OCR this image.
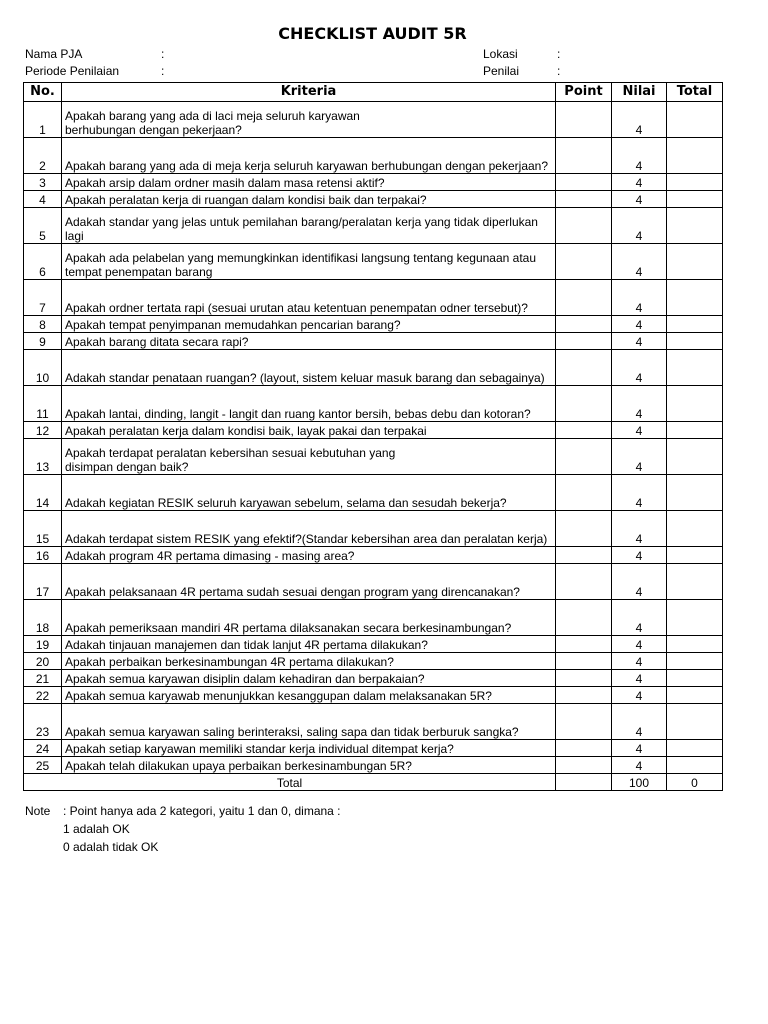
CHECKLIST AUDIT 5R
Nama PJA	:
Periode Penilaian	:
Lokasi	:
Penilai	:
No.	Kriteria	Point	Nilai	Total
1	Apakah barang yang ada di laci meja seluruh karyawan
berhubungan dengan pekerjaan?		4	
2	Apakah barang yang ada di meja kerja seluruh karyawan berhubungan dengan pekerjaan?		4	
3	Apakah arsip dalam ordner masih dalam masa retensi aktif?		4	
4	Apakah peralatan kerja di ruangan dalam kondisi baik dan terpakai?		4	
5	Adakah standar yang jelas untuk pemilahan barang/peralatan kerja yang tidak diperlukan lagi		4	
6	Apakah ada pelabelan yang memungkinkan identifikasi langsung tentang kegunaan atau tempat penempatan barang		4	
7	Apakah ordner tertata rapi (sesuai urutan atau ketentuan penempatan odner tersebut)?		4	
8	Apakah tempat penyimpanan memudahkan pencarian barang?		4	
9	Apakah barang ditata secara rapi?		4	
10	Adakah standar penataan ruangan? (layout, sistem keluar masuk barang dan sebagainya)		4	
11	Apakah lantai, dinding, langit - langit dan ruang kantor bersih, bebas debu dan kotoran?		4	
12	Apakah peralatan kerja dalam kondisi baik, layak pakai dan terpakai		4	
13	Apakah terdapat peralatan kebersihan sesuai kebutuhan yang
disimpan dengan baik?		4	
14	Adakah kegiatan RESIK seluruh karyawan sebelum, selama dan sesudah bekerja?		4	
15	Adakah terdapat sistem RESIK yang efektif?(Standar kebersihan area dan peralatan kerja)		4	
16	Adakah program 4R pertama dimasing - masing area?		4	
17	Apakah pelaksanaan 4R pertama sudah sesuai dengan program yang direncanakan?		4	
18	Apakah pemeriksaan mandiri 4R pertama dilaksanakan secara berkesinambungan?		4	
19	Adakah tinjauan manajemen dan tidak lanjut 4R pertama dilakukan?		4	
20	Apakah perbaikan berkesinambungan 4R pertama dilakukan?		4	
21	Apakah semua karyawan disiplin dalam kehadiran dan berpakaian?		4	
22	Apakah semua karyawab menunjukkan kesanggupan dalam melaksanakan 5R?		4	
23	Apakah semua karyawan saling berinteraksi, saling sapa dan tidak berburuk sangka?		4	
24	Apakah setiap karyawan memiliki standar kerja individual ditempat kerja?		4	
25	Apakah telah dilakukan upaya perbaikan berkesinambungan 5R?		4	
Total			100	0
Note : Point hanya ada 2 kategori, yaitu 1 dan 0, dimana :
1 adalah OK
0 adalah tidak OK
